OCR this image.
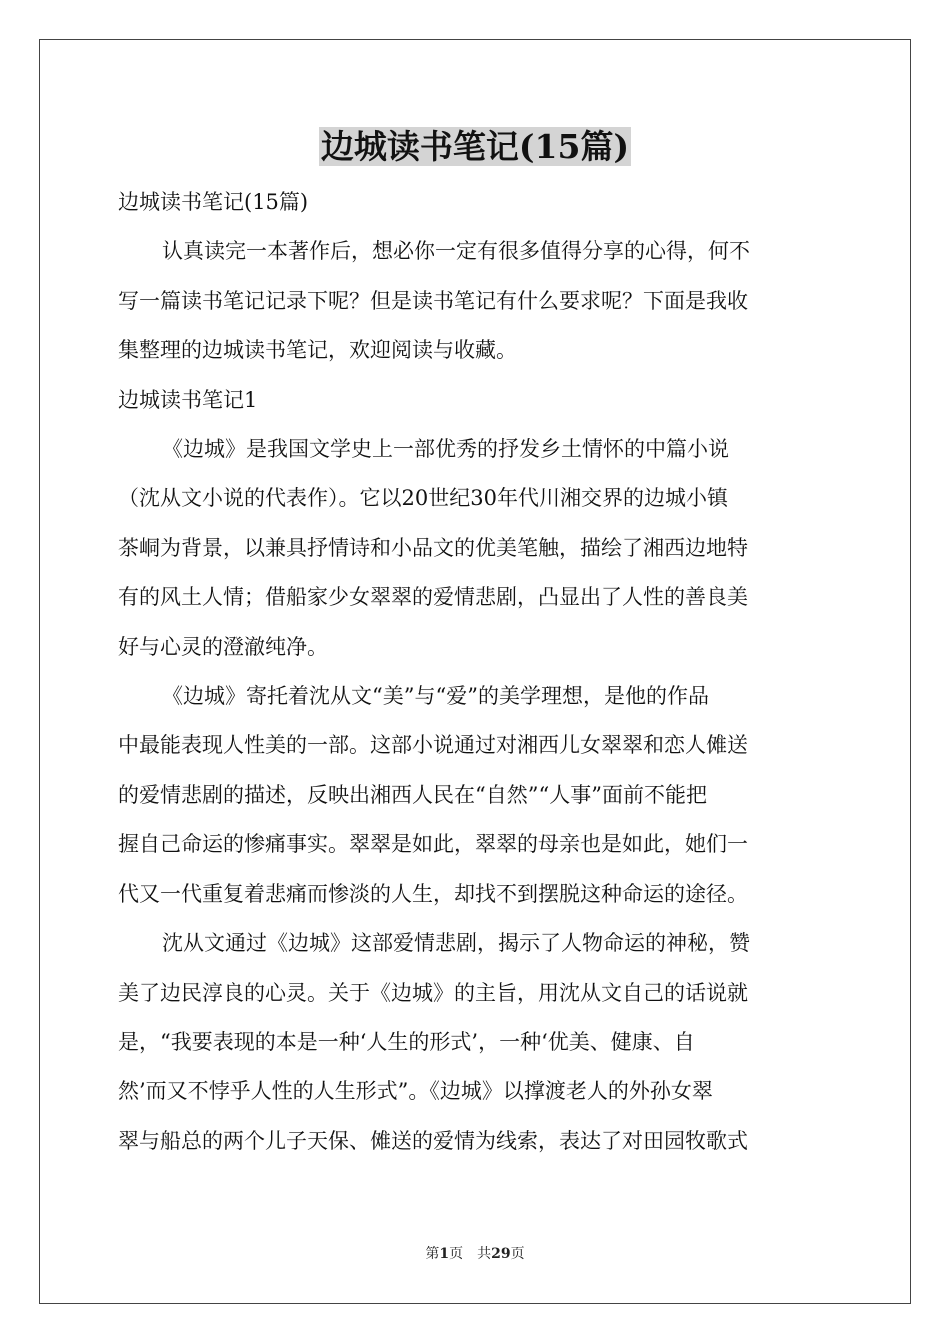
边城读书笔记(15篇)

边城读书笔记(15篇)

认真读完一本著作后，想必你一定有很多值得分享的心得，何不

写一篇读书笔记记录下呢？但是读书笔记有什么要求呢？下面是我收

集整理的边城读书笔记，欢迎阅读与收藏。

边城读书笔记1

《边城》是我国文学史上一部优秀的抒发乡土情怀的中篇小说

（沈从文小说的代表作）。它以20世纪30年代川湘交界的边城小镇

茶峒为背景，以兼具抒情诗和小品文的优美笔触，描绘了湘西边地特

有的风土人情；借船家少女翠翠的爱情悲剧，凸显出了人性的善良美

好与心灵的澄澈纯净。

《边城》寄托着沈从文“美”与“爱”的美学理想，是他的作品

中最能表现人性美的一部。这部小说通过对湘西儿女翠翠和恋人傩送

的爱情悲剧的描述，反映出湘西人民在“自然”“人事”面前不能把

握自己命运的惨痛事实。翠翠是如此，翠翠的母亲也是如此，她们一

代又一代重复着悲痛而惨淡的人生，却找不到摆脱这种命运的途径。

沈从文通过《边城》这部爱情悲剧，揭示了人物命运的神秘，赞

美了边民淳良的心灵。关于《边城》的主旨，用沈从文自己的话说就

是，“我要表现的本是一种‘人生的形式’，一种‘优美、健康、自

然’而又不悖乎人性的人生形式”。《边城》以撑渡老人的外孙女翠

翠与船总的两个儿子天保、傩送的爱情为线索，表达了对田园牧歌式

第1页　共29页
